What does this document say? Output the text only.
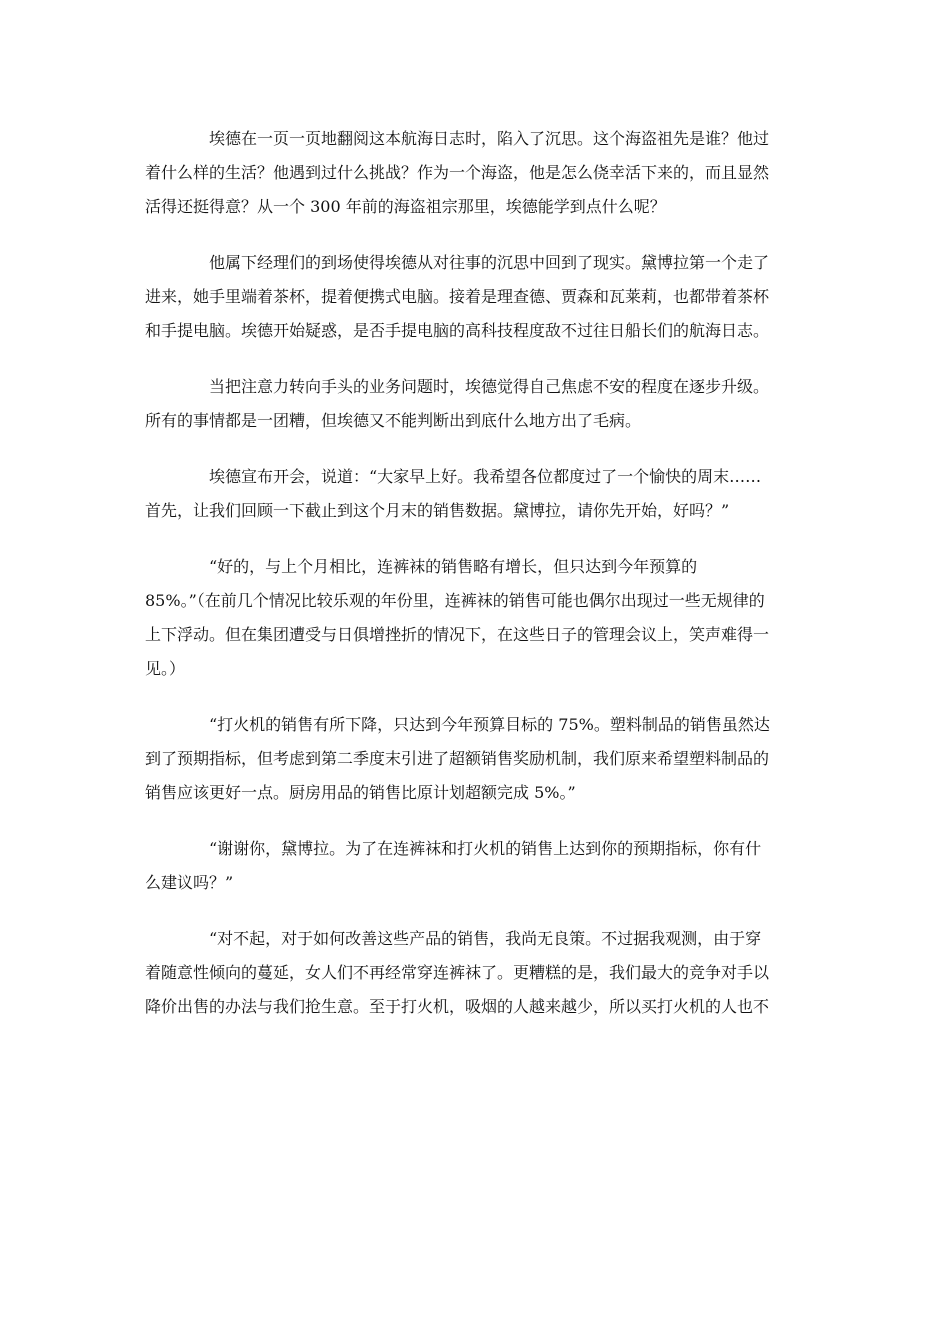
埃德在一页一页地翻阅这本航海日志时，陷入了沉思。这个海盗祖先是谁？他过
着什么样的生活？他遇到过什么挑战？作为一个海盗，他是怎么侥幸活下来的，而且显然
活得还挺得意？从一个 300 年前的海盗祖宗那里，埃德能学到点什么呢？
他属下经理们的到场使得埃德从对往事的沉思中回到了现实。黛博拉第一个走了
进来，她手里端着茶杯，提着便携式电脑。接着是理查德、贾森和瓦莱莉，也都带着茶杯
和手提电脑。埃德开始疑惑，是否手提电脑的高科技程度敌不过往日船长们的航海日志。
当把注意力转向手头的业务问题时，埃德觉得自己焦虑不安的程度在逐步升级。
所有的事情都是一团糟，但埃德又不能判断出到底什么地方出了毛病。
埃德宣布开会，说道：“大家早上好。我希望各位都度过了一个愉快的周末……
首先，让我们回顾一下截止到这个月末的销售数据。黛博拉，请你先开始，好吗？”
“好的，与上个月相比，连裤袜的销售略有增长，但只达到今年预算的
85%。”（在前几个情况比较乐观的年份里，连裤袜的销售可能也偶尔出现过一些无规律的
上下浮动。但在集团遭受与日俱增挫折的情况下，在这些日子的管理会议上，笑声难得一
见。）
“打火机的销售有所下降，只达到今年预算目标的 75%。塑料制品的销售虽然达
到了预期指标，但考虑到第二季度末引进了超额销售奖励机制，我们原来希望塑料制品的
销售应该更好一点。厨房用品的销售比原计划超额完成 5%。”
“谢谢你，黛博拉。为了在连裤袜和打火机的销售上达到你的预期指标，你有什
么建议吗？”
“对不起，对于如何改善这些产品的销售，我尚无良策。不过据我观测，由于穿
着随意性倾向的蔓延，女人们不再经常穿连裤袜了。更糟糕的是，我们最大的竞争对手以
降价出售的办法与我们抢生意。至于打火机，吸烟的人越来越少，所以买打火机的人也不
